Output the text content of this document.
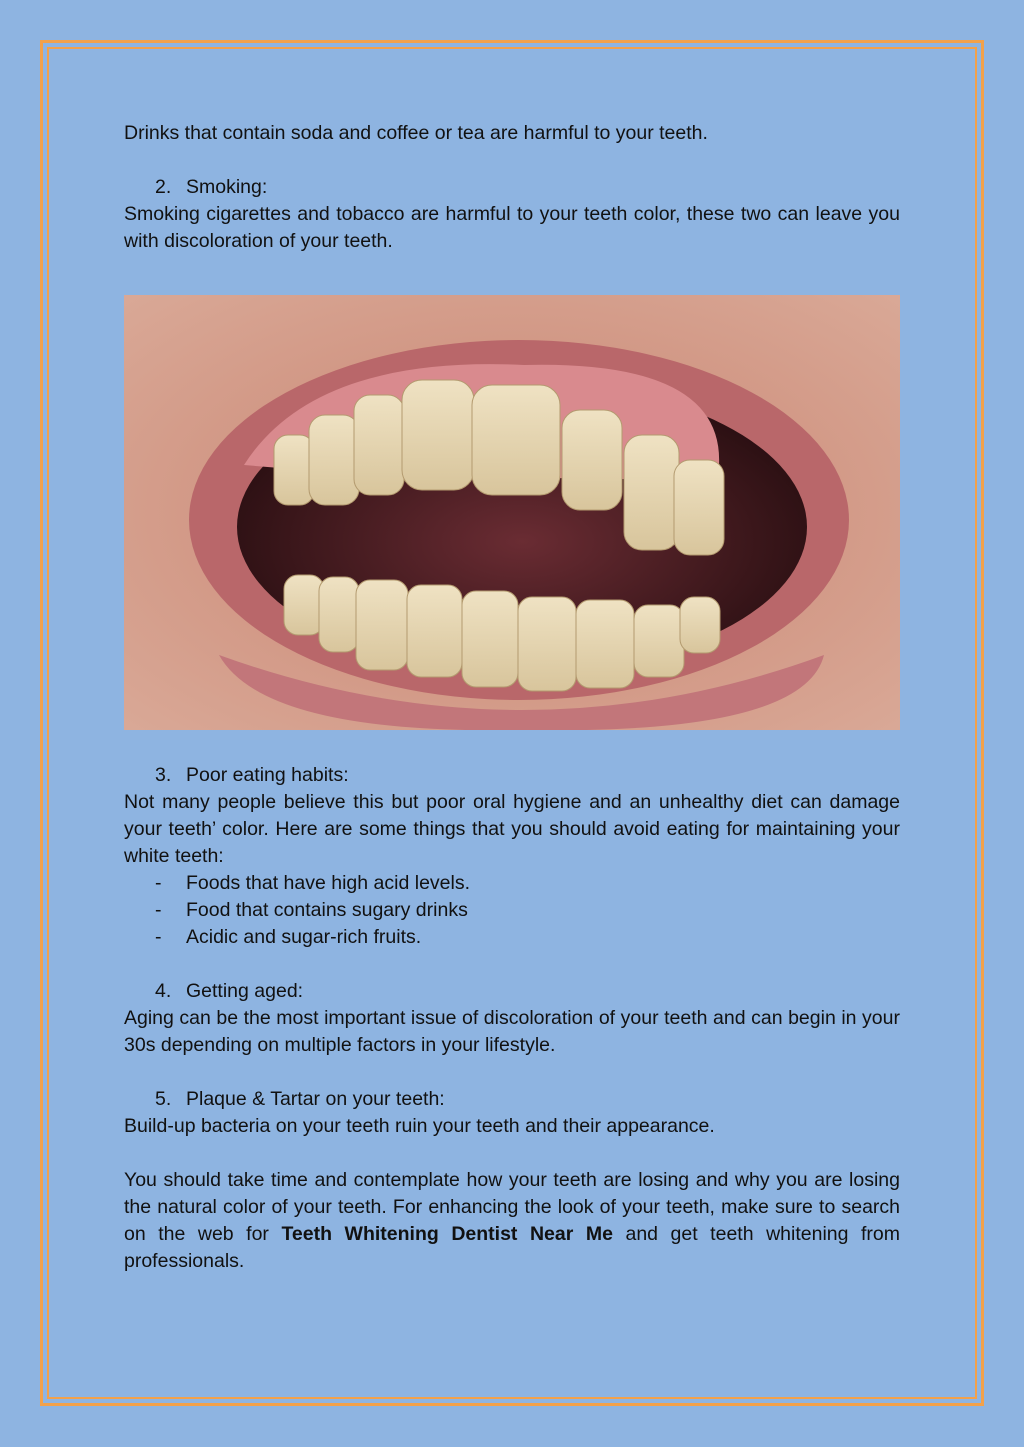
Drinks that contain soda and coffee or tea are harmful to your teeth.

2. Smoking:

Smoking cigarettes and tobacco are harmful to your teeth color, these two can leave you with discoloration of your teeth.

3. Poor eating habits:

Not many people believe this but poor oral hygiene and an unhealthy diet can damage your teeth’ color. Here are some things that you should avoid eating for maintaining your white teeth:

- Foods that have high acid levels.

- Food that contains sugary drinks

- Acidic and sugar-rich fruits.

4. Getting aged:

Aging can be the most important issue of discoloration of your teeth and can begin in your 30s depending on multiple factors in your lifestyle.

5. Plaque & Tartar on your teeth:

Build-up bacteria on your teeth ruin your teeth and their appearance.

You should take time and contemplate how your teeth are losing and why you are losing the natural color of your teeth. For enhancing the look of your teeth, make sure to search on the web for Teeth Whitening Dentist Near Me and get teeth whitening from professionals.
